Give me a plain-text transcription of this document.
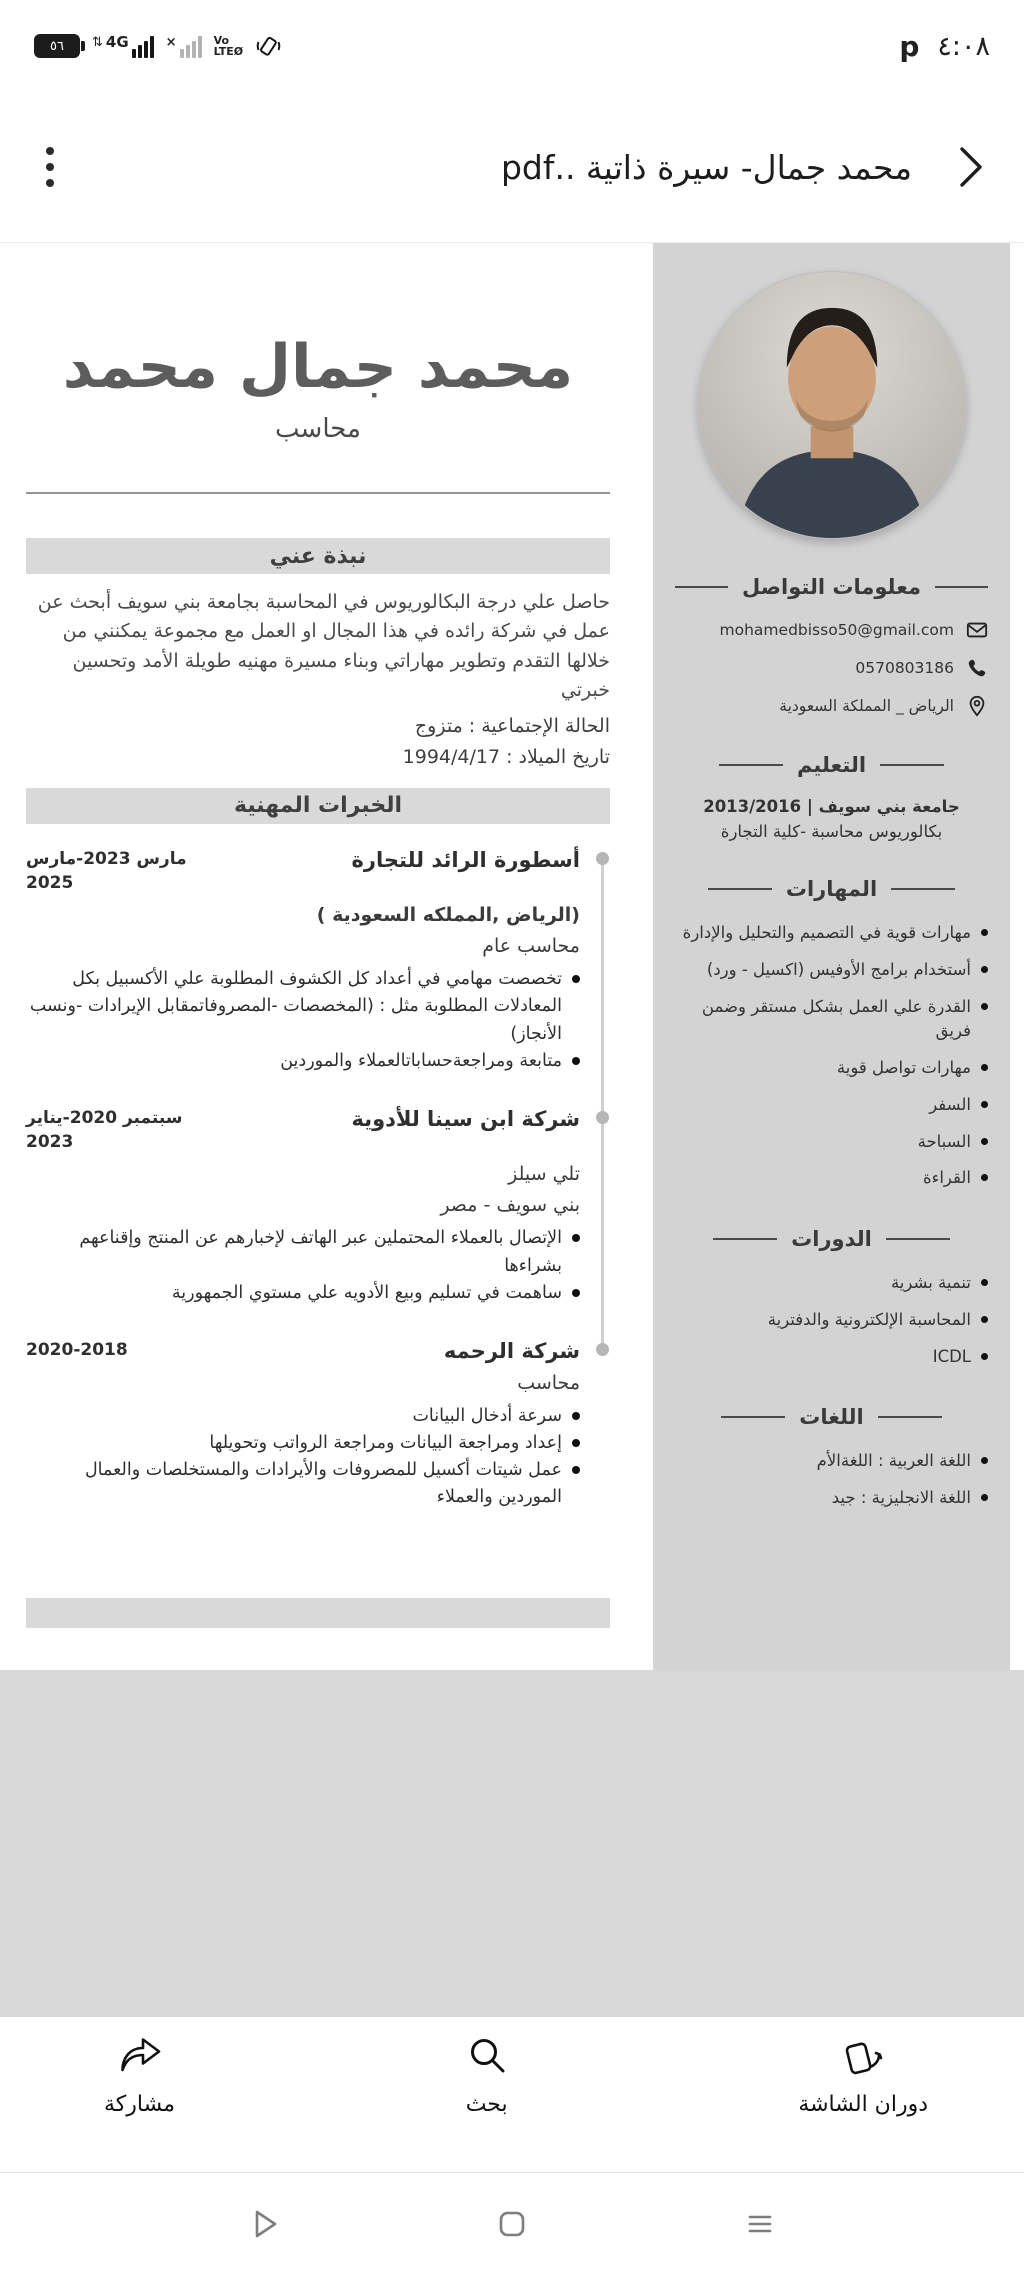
٥٦ ⇅ 4G	×	Vo
LTEØ	p ٤:٠٨
محمد جمال- سيرة ذاتية ..pdf
محمد جمال محمد
محاسب
نبذة عني
حاصل علي درجة البكالوريوس في المحاسبة بجامعة بني سويف أبحث عن عمل في شركة رائده في هذا المجال او العمل مع مجموعة يمكنني من خلالها التقدم وتطوير مهاراتي وبناء مسيرة مهنيه طويلة الأمد وتحسين خبرتي
الحالة الإجتماعية : متزوج
تاريخ الميلاد : 1994/4/17
الخبرات المهنية
أسطورة الرائد للتجارة
مارس 2023-مارس 2025
(الرياض ,المملكه السعودية )
محاسب عام
تخصصت مهامي في أعداد كل الكشوف المطلوبة علي الأكسبيل بكل المعادلات المطلوبة مثل : (المخصصات -المصروفاتمقابل الإيرادات -ونسب الأنجاز)
متابعة ومراجعةحساباتالعملاء والموردين
شركة ابن سينا للأدوية
سبتمبر 2020-يناير 2023
تلي سيلز
بني سويف - مصر
الإتصال بالعملاء المحتملين عبر الهاتف لإخبارهم عن المنتج وإقناعهم بشراءها
ساهمت في تسليم وبيع الأدويه علي مستوي الجمهورية
شركة الرحمه
2020-2018
محاسب
سرعة أدخال البيانات
إعداد ومراجعة البيانات ومراجعة الرواتب وتحويلها
عمل شيتات أكسيل للمصروفات والأيرادات والمستخلصات والعمال الموردين والعملاء
معلومات التواصل
mohamedbisso50@gmail.com
0570803186
الرياض _ المملكة السعودية
التعليم
جامعة بني سويف | 2013/2016
بكالوريوس محاسبة -كلية التجارة
المهارات
مهارات قوية في التصميم والتحليل والإدارة
أستخدام برامج الأوفيس (اكسيل - ورد)
القدرة علي العمل بشكل مستقر وضمن فريق
مهارات تواصل قوية
السفر
السباحة
القراءة
الدورات
تنمية بشرية
المحاسبة الإلكترونية والدفترية
ICDL
اللغات
اللغة العربية : اللغةالأم
اللغة الانجليزية : جيد
دوران الشاشة
بحث
مشاركة
